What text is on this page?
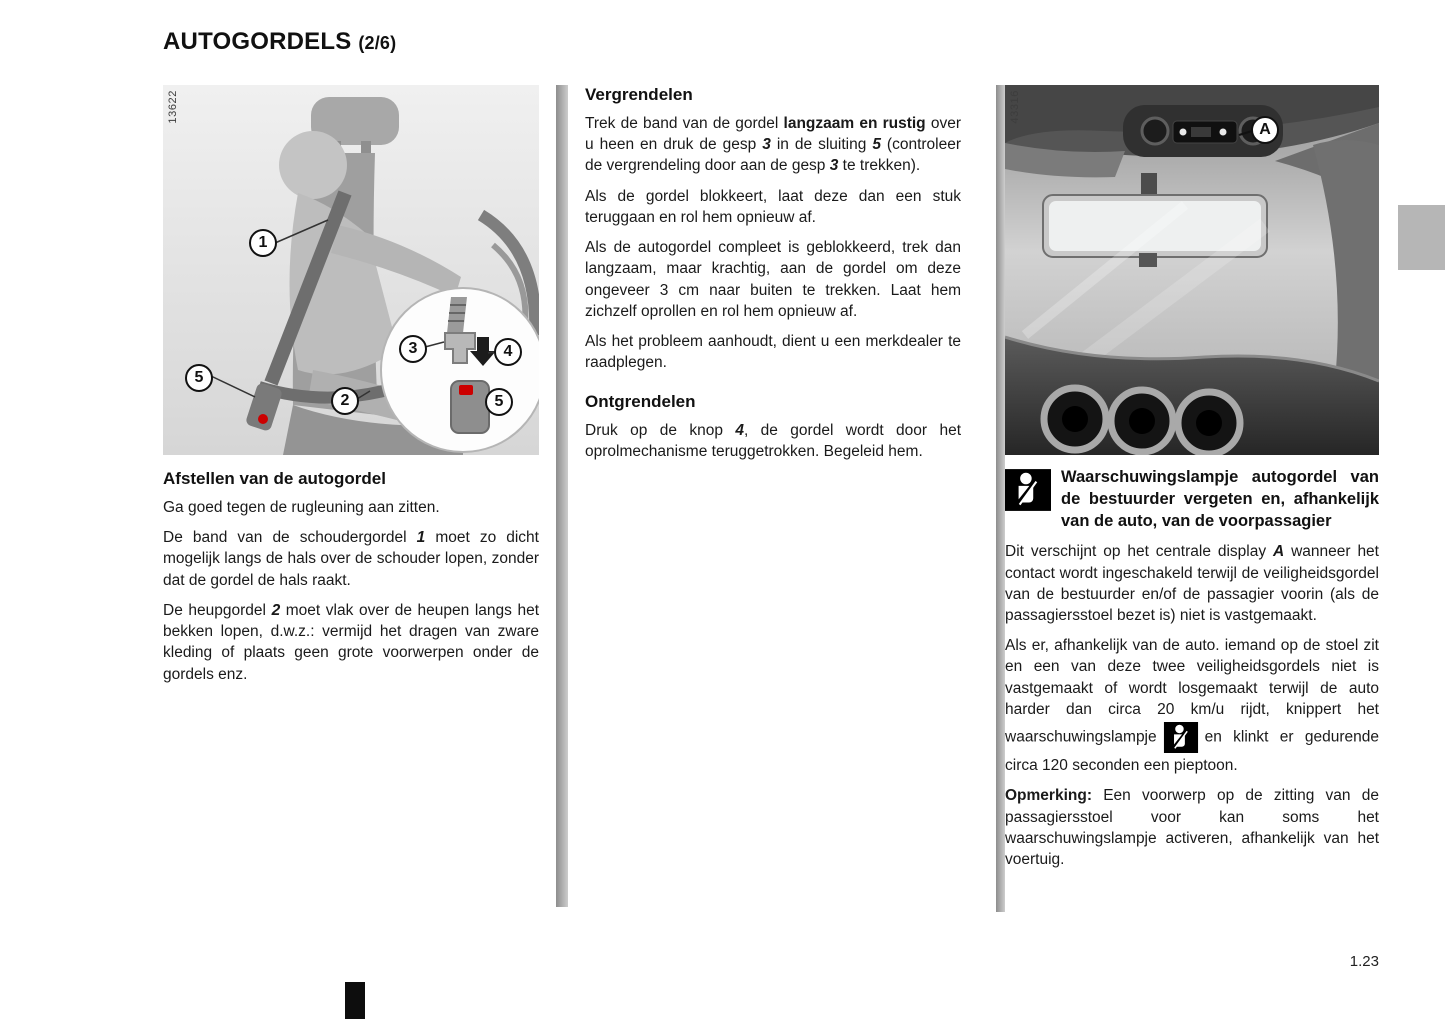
AUTOGORDELS (2/6)
13622
1
2
3	4
5
5
Afstellen van de autogordel

Ga goed tegen de rugleuning aan zitten.

De band van de schoudergordel 1 moet zo dicht mogelijk langs de hals over de schouder lopen, zonder dat de gordel de hals raakt.

De heupgordel 2 moet vlak over de heupen langs het bekken lopen, d.w.z.: vermijd het dragen van zware kleding of plaats geen grote voorwerpen onder de gordels enz.

Vergrendelen

Trek de band van de gordel langzaam en rustig over u heen en druk de gesp 3 in de sluiting 5 (controleer de vergrendeling door aan de gesp 3 te trekken).

Als de gordel blokkeert, laat deze dan een stuk teruggaan en rol hem opnieuw af.

Als de autogordel compleet is geblokkeerd, trek dan langzaam, maar krachtig, aan de gordel om deze ongeveer 3 cm naar buiten te trekken. Laat hem zichzelf oprollen en rol hem opnieuw af.

Als het probleem aanhoudt, dient u een merkdealer te raadplegen.

Ontgrendelen

Druk op de knop 4, de gordel wordt door het oprolmechanisme teruggetrokken. Begeleid hem.

43316
A
Waarschuwingslampje autogordel van de bestuurder vergeten en, afhankelijk van de auto, van de voorpassagier

Dit verschijnt op het centrale display A wanneer het contact wordt ingeschakeld terwijl de veiligheidsgordel van de bestuurder en/of de passagier voorin (als de passagiersstoel bezet is) niet is vastgemaakt.

Als er, afhankelijk van de auto. iemand op de stoel zit en een van deze twee veiligheidsgordels niet is vastgemaakt of wordt losgemaakt terwijl de auto harder dan circa 20 km/u rijdt, knippert het waarschuwingslampje	en klinkt er gedurende circa 120 seconden een pieptoon.

Opmerking: Een voorwerp op de zitting van de passagiersstoel voor kan soms het waarschuwingslampje activeren, afhankelijk van het voertuig.

1.23
